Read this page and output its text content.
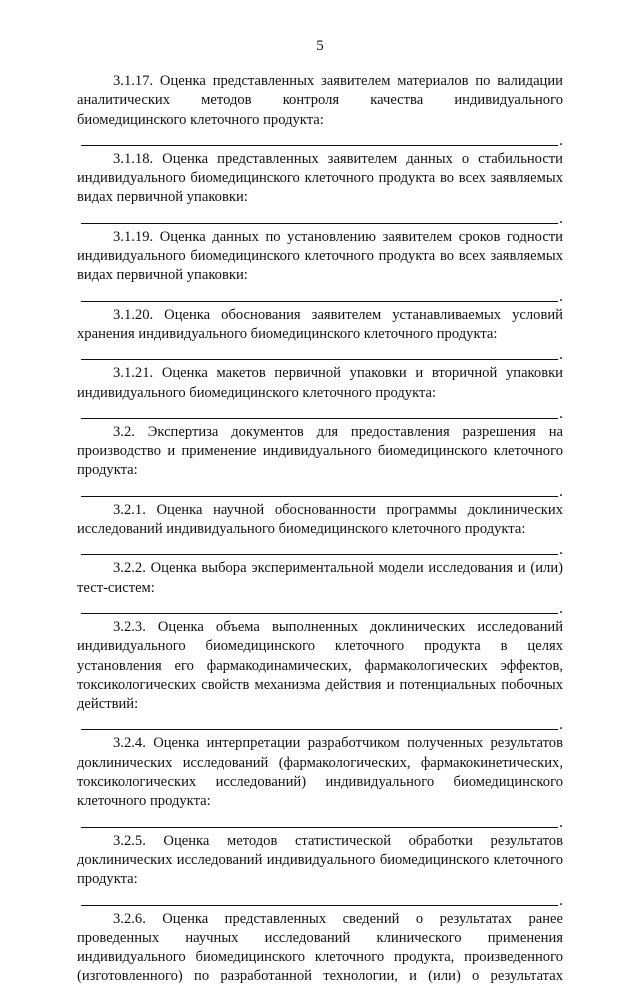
5

3.1.17. Оценка представленных заявителем материалов по валидации аналитических методов контроля качества индивидуального биомедицинского клеточного продукта:

.

3.1.18. Оценка представленных заявителем данных о стабильности индивидуального биомедицинского клеточного продукта во всех заявляемых видах первичной упаковки:

.

3.1.19. Оценка данных по установлению заявителем сроков годности индивидуального биомедицинского клеточного продукта во всех заявляемых видах первичной упаковки:

.

3.1.20. Оценка обоснования заявителем устанавливаемых условий хранения индивидуального биомедицинского клеточного продукта:

.

3.1.21. Оценка макетов первичной упаковки и вторичной упаковки индивидуального биомедицинского клеточного продукта:

.

3.2. Экспертиза документов для предоставления разрешения на производство и применение индивидуального биомедицинского клеточного продукта:

.

3.2.1. Оценка научной обоснованности программы доклинических исследований индивидуального биомедицинского клеточного продукта:

.

3.2.2. Оценка выбора экспериментальной модели исследования и (или) тест-систем:

.

3.2.3. Оценка объема выполненных доклинических исследований индивидуального биомедицинского клеточного продукта в целях установления его фармакодинамических, фармакологических эффектов, токсикологических свойств механизма действия и потенциальных побочных действий:

.

3.2.4. Оценка интерпретации разработчиком полученных результатов доклинических исследований (фармакологических, фармакокинетических, токсикологических исследований) индивидуального биомедицинского клеточного продукта:

.

3.2.5. Оценка методов статистической обработки результатов доклинических исследований индивидуального биомедицинского клеточного продукта:

.

3.2.6. Оценка представленных сведений о результатах ранее проведенных научных исследований клинического применения индивидуального биомедицинского клеточного продукта, произведенного (изготовленного) по разработанной технологии, и (или) о результатах
